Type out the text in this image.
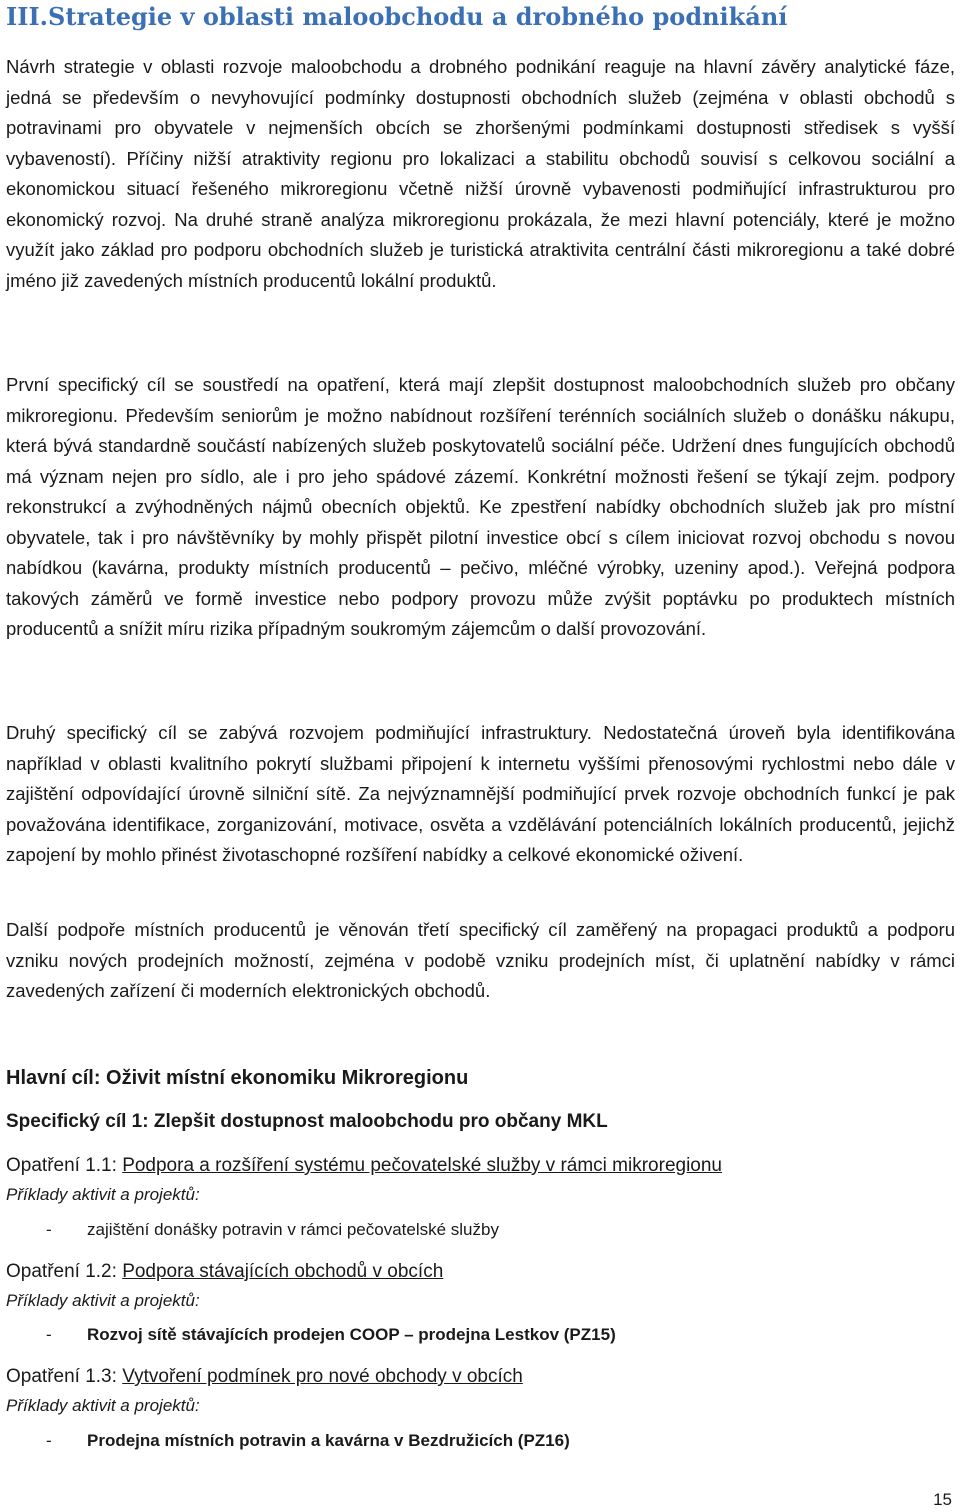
III.Strategie v oblasti maloobchodu a drobného podnikání

Návrh strategie v oblasti rozvoje maloobchodu a drobného podnikání reaguje na hlavní závěry analytické fáze, jedná se především o nevyhovující podmínky dostupnosti obchodních služeb (zejména v oblasti obchodů s potravinami pro obyvatele v nejmenších obcích se zhoršenými podmínkami dostupnosti středisek s vyšší vybaveností). Příčiny nižší atraktivity regionu pro lokalizaci a stabilitu obchodů souvisí s celkovou sociální a ekonomickou situací řešeného mikroregionu včetně nižší úrovně vybavenosti podmiňující infrastrukturou pro ekonomický rozvoj. Na druhé straně analýza mikroregionu prokázala, že mezi hlavní potenciály, které je možno využít jako základ pro podporu obchodních služeb je turistická atraktivita centrální části mikroregionu a také dobré jméno již zavedených místních producentů lokální produktů.

První specifický cíl se soustředí na opatření, která mají zlepšit dostupnost maloobchodních služeb pro občany mikroregionu. Především seniorům je možno nabídnout rozšíření terénních sociálních služeb o donášku nákupu, která bývá standardně součástí nabízených služeb poskytovatelů sociální péče. Udržení dnes fungujících obchodů má význam nejen pro sídlo, ale i pro jeho spádové zázemí. Konkrétní možnosti řešení se týkají zejm. podpory rekonstrukcí a zvýhodněných nájmů obecních objektů. Ke zpestření nabídky obchodních služeb jak pro místní obyvatele, tak i pro návštěvníky by mohly přispět pilotní investice obcí s cílem iniciovat rozvoj obchodu s novou nabídkou (kavárna, produkty místních producentů – pečivo, mléčné výrobky, uzeniny apod.). Veřejná podpora takových záměrů ve formě investice nebo podpory provozu může zvýšit poptávku po produktech místních producentů a snížit míru rizika případným soukromým zájemcům o další provozování.

Druhý specifický cíl se zabývá rozvojem podmiňující infrastruktury. Nedostatečná úroveň byla identifikována například v oblasti kvalitního pokrytí službami připojení k internetu vyššími přenosovými rychlostmi nebo dále v zajištění odpovídající úrovně silniční sítě. Za nejvýznamnější podmiňující prvek rozvoje obchodních funkcí je pak považována identifikace, zorganizování, motivace, osvěta a vzdělávání potenciálních lokálních producentů, jejichž zapojení by mohlo přinést životaschopné rozšíření nabídky a celkové ekonomické oživení.

Další podpoře místních producentů je věnován třetí specifický cíl zaměřený na propagaci produktů a podporu vzniku nových prodejních možností, zejména v podobě vzniku prodejních míst, či uplatnění nabídky v rámci zavedených zařízení či moderních elektronických obchodů.

Hlavní cíl: Oživit místní ekonomiku Mikroregionu

Specifický cíl 1: Zlepšit dostupnost maloobchodu pro občany MKL

Opatření 1.1: Podpora a rozšíření systému pečovatelské služby v rámci mikroregionu

Příklady aktivit a projektů:

- zajištění donášky potravin v rámci pečovatelské služby

Opatření 1.2: Podpora stávajících obchodů v obcích

Příklady aktivit a projektů:

- Rozvoj sítě stávajících prodejen COOP – prodejna Lestkov (PZ15)

Opatření 1.3: Vytvoření podmínek pro nové obchody v obcích

Příklady aktivit a projektů:

- Prodejna místních potravin a kavárna v Bezdružicích (PZ16)

15
